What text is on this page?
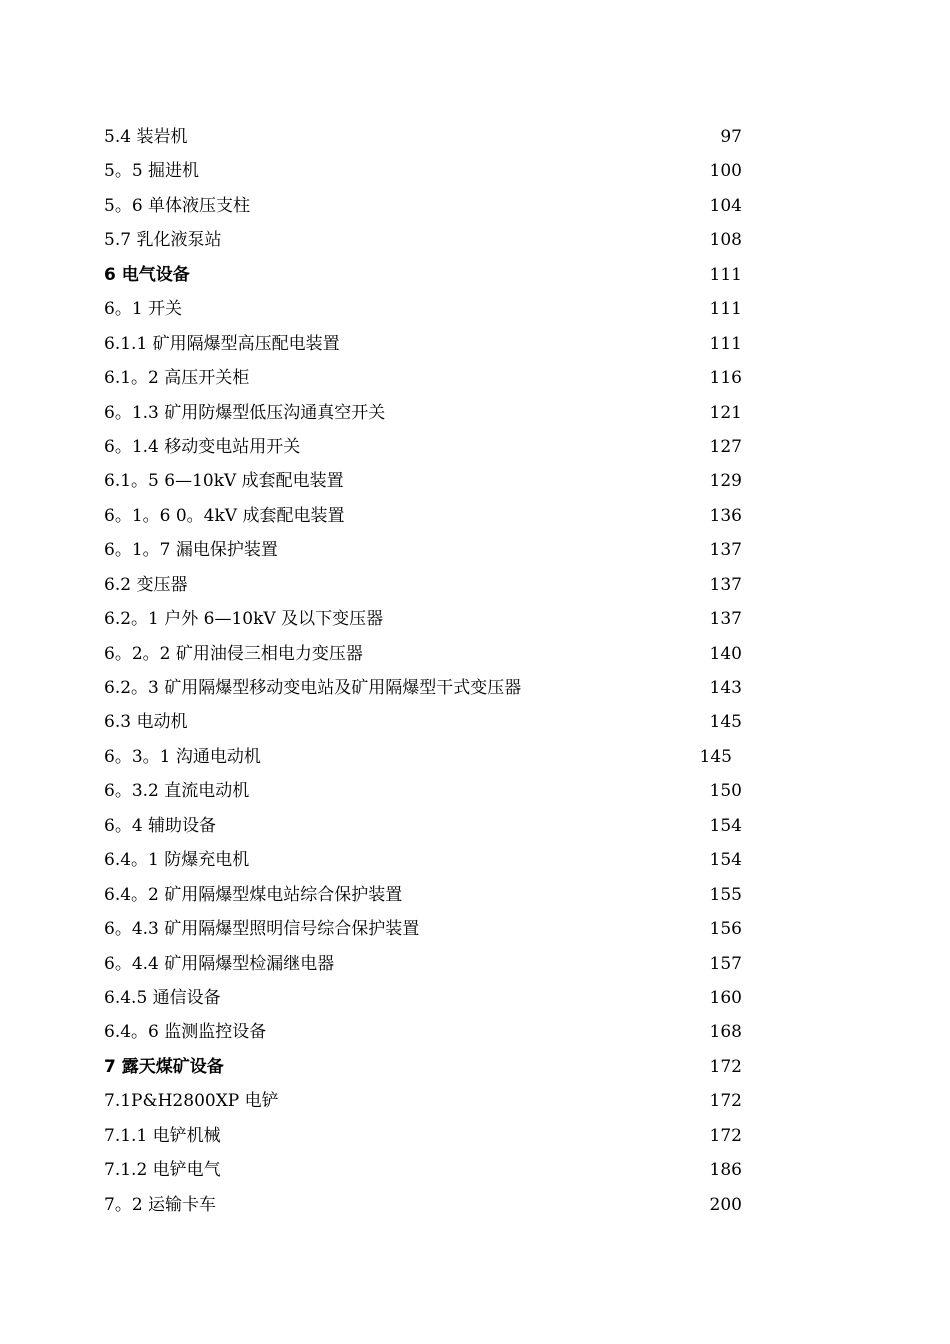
5.4 装岩机	97
5。5 掘进机	100
5。6 单体液压支柱	104
5.7 乳化液泵站	108
6 电气设备	111
6。1 开关	111
6.1.1 矿用隔爆型高压配电装置	111
6.1。2 高压开关柜	116
6。1.3 矿用防爆型低压沟通真空开关	121
6。1.4 移动变电站用开关	127
6.1。5 6—10kV 成套配电装置	129
6。1。6 0。4kV 成套配电装置	136
6。1。7 漏电保护装置	137
6.2 变压器	137
6.2。1 户外 6—10kV 及以下变压器	137
6。2。2 矿用油侵三相电力变压器	140
6.2。3 矿用隔爆型移动变电站及矿用隔爆型干式变压器	143
6.3 电动机	145
6。3。1 沟通电动机	145
6。3.2 直流电动机	150
6。4 辅助设备	154
6.4。1 防爆充电机	154
6.4。2 矿用隔爆型煤电站综合保护装置	155
6。4.3 矿用隔爆型照明信号综合保护装置	156
6。4.4 矿用隔爆型检漏继电器	157
6.4.5 通信设备	160
6.4。6 监测监控设备	168
7 露天煤矿设备	172
7.1P&H2800XP 电铲	172
7.1.1 电铲机械	172
7.1.2 电铲电气	186
7。2 运输卡车	200
